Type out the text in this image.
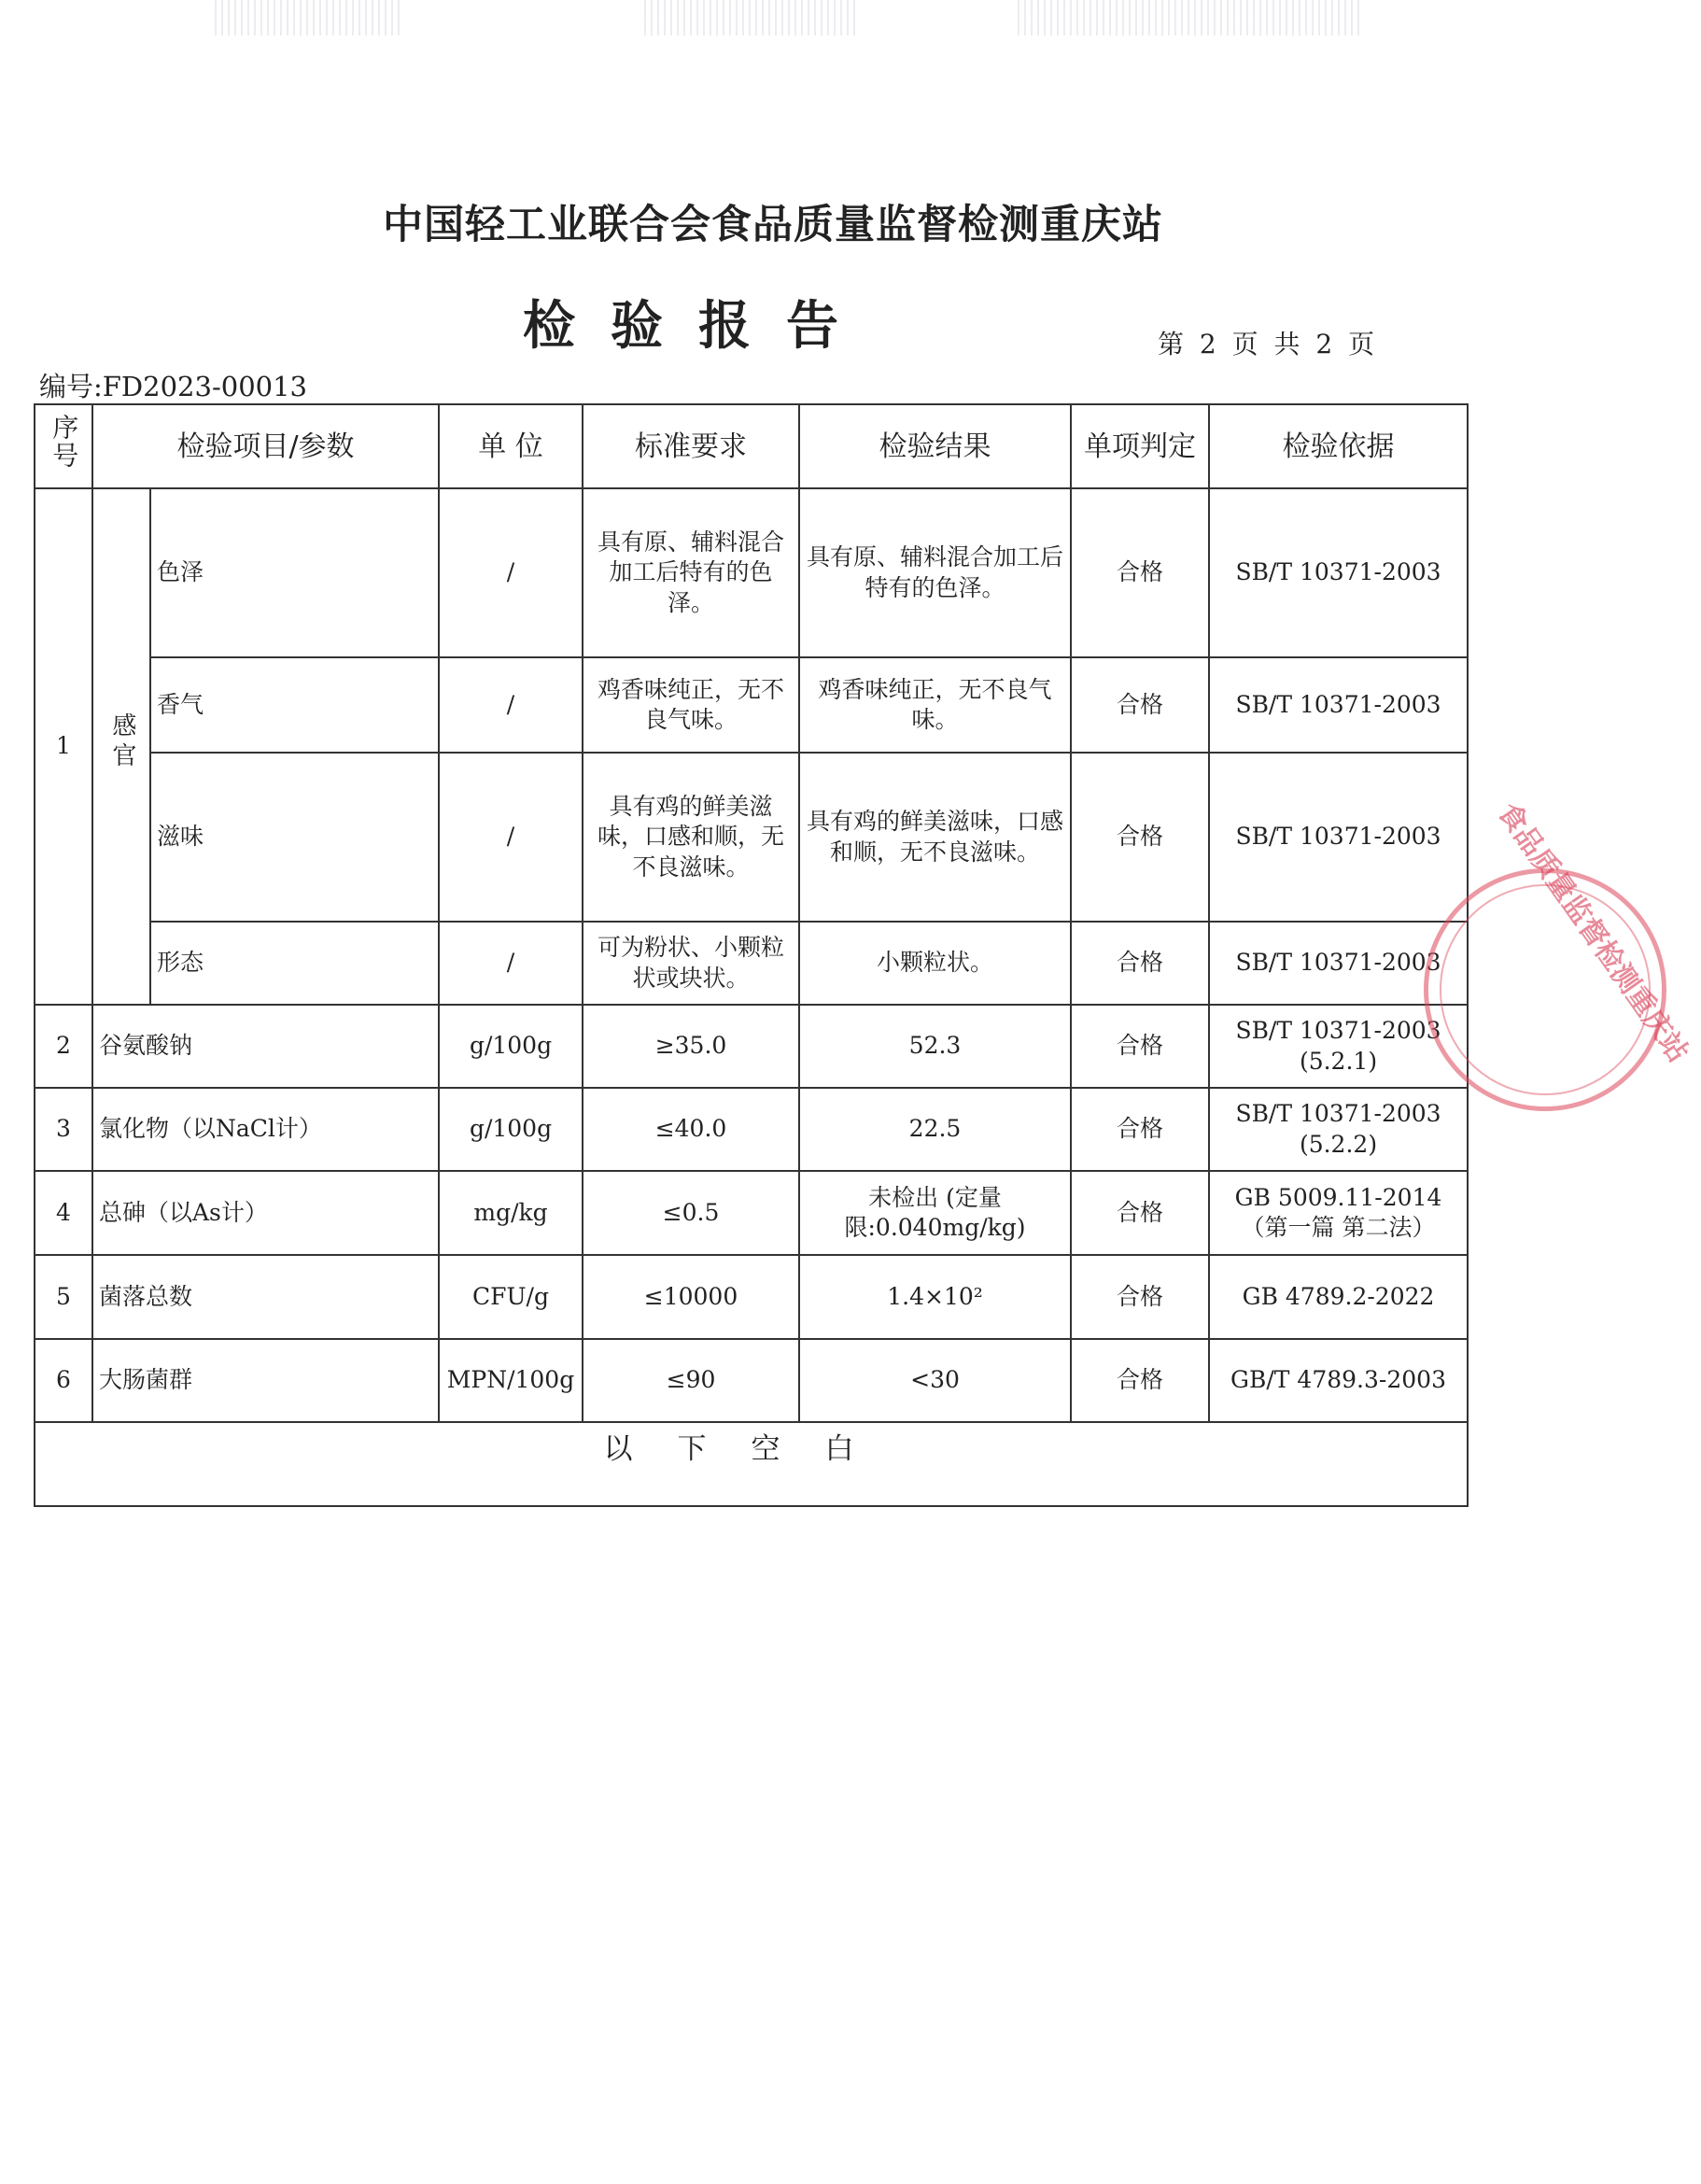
中国轻工业联合会食品质量监督检测重庆站
检验报告	第 2 页 共 2 页
编号:FD2023-00013
序号	检验项目/参数		单 位	标准要求	检验结果	单项判定	检验依据
1	感官	色泽	/	具有原、辅料混合加工后特有的色泽。	具有原、辅料混合加工后特有的色泽。	合格	SB/T 10371-2003
		香气	/	鸡香味纯正，无不良气味。	鸡香味纯正，无不良气味。	合格	SB/T 10371-2003
		滋味	/	具有鸡的鲜美滋味，口感和顺，无不良滋味。	具有鸡的鲜美滋味，口感和顺，无不良滋味。	合格	SB/T 10371-2003
		形态	/	可为粉状、小颗粒状或块状。	小颗粒状。	合格	SB/T 10371-2003
2	谷氨酸钠		g/100g	≥35.0	52.3	合格	SB/T 10371-2003 (5.2.1)
3	氯化物（以NaCl计）		g/100g	≤40.0	22.5	合格	SB/T 10371-2003 (5.2.2)
4	总砷（以As计）		mg/kg	≤0.5	未检出 (定量限:0.040mg/kg)	合格	GB 5009.11-2014（第一篇 第二法）
5	菌落总数		CFU/g	≤10000	1.4×10²	合格	GB 4789.2-2022
6	大肠菌群		MPN/100g	≤90	<30	合格	GB/T 4789.3-2003
以下空白							
食品质量监督检测重庆站
